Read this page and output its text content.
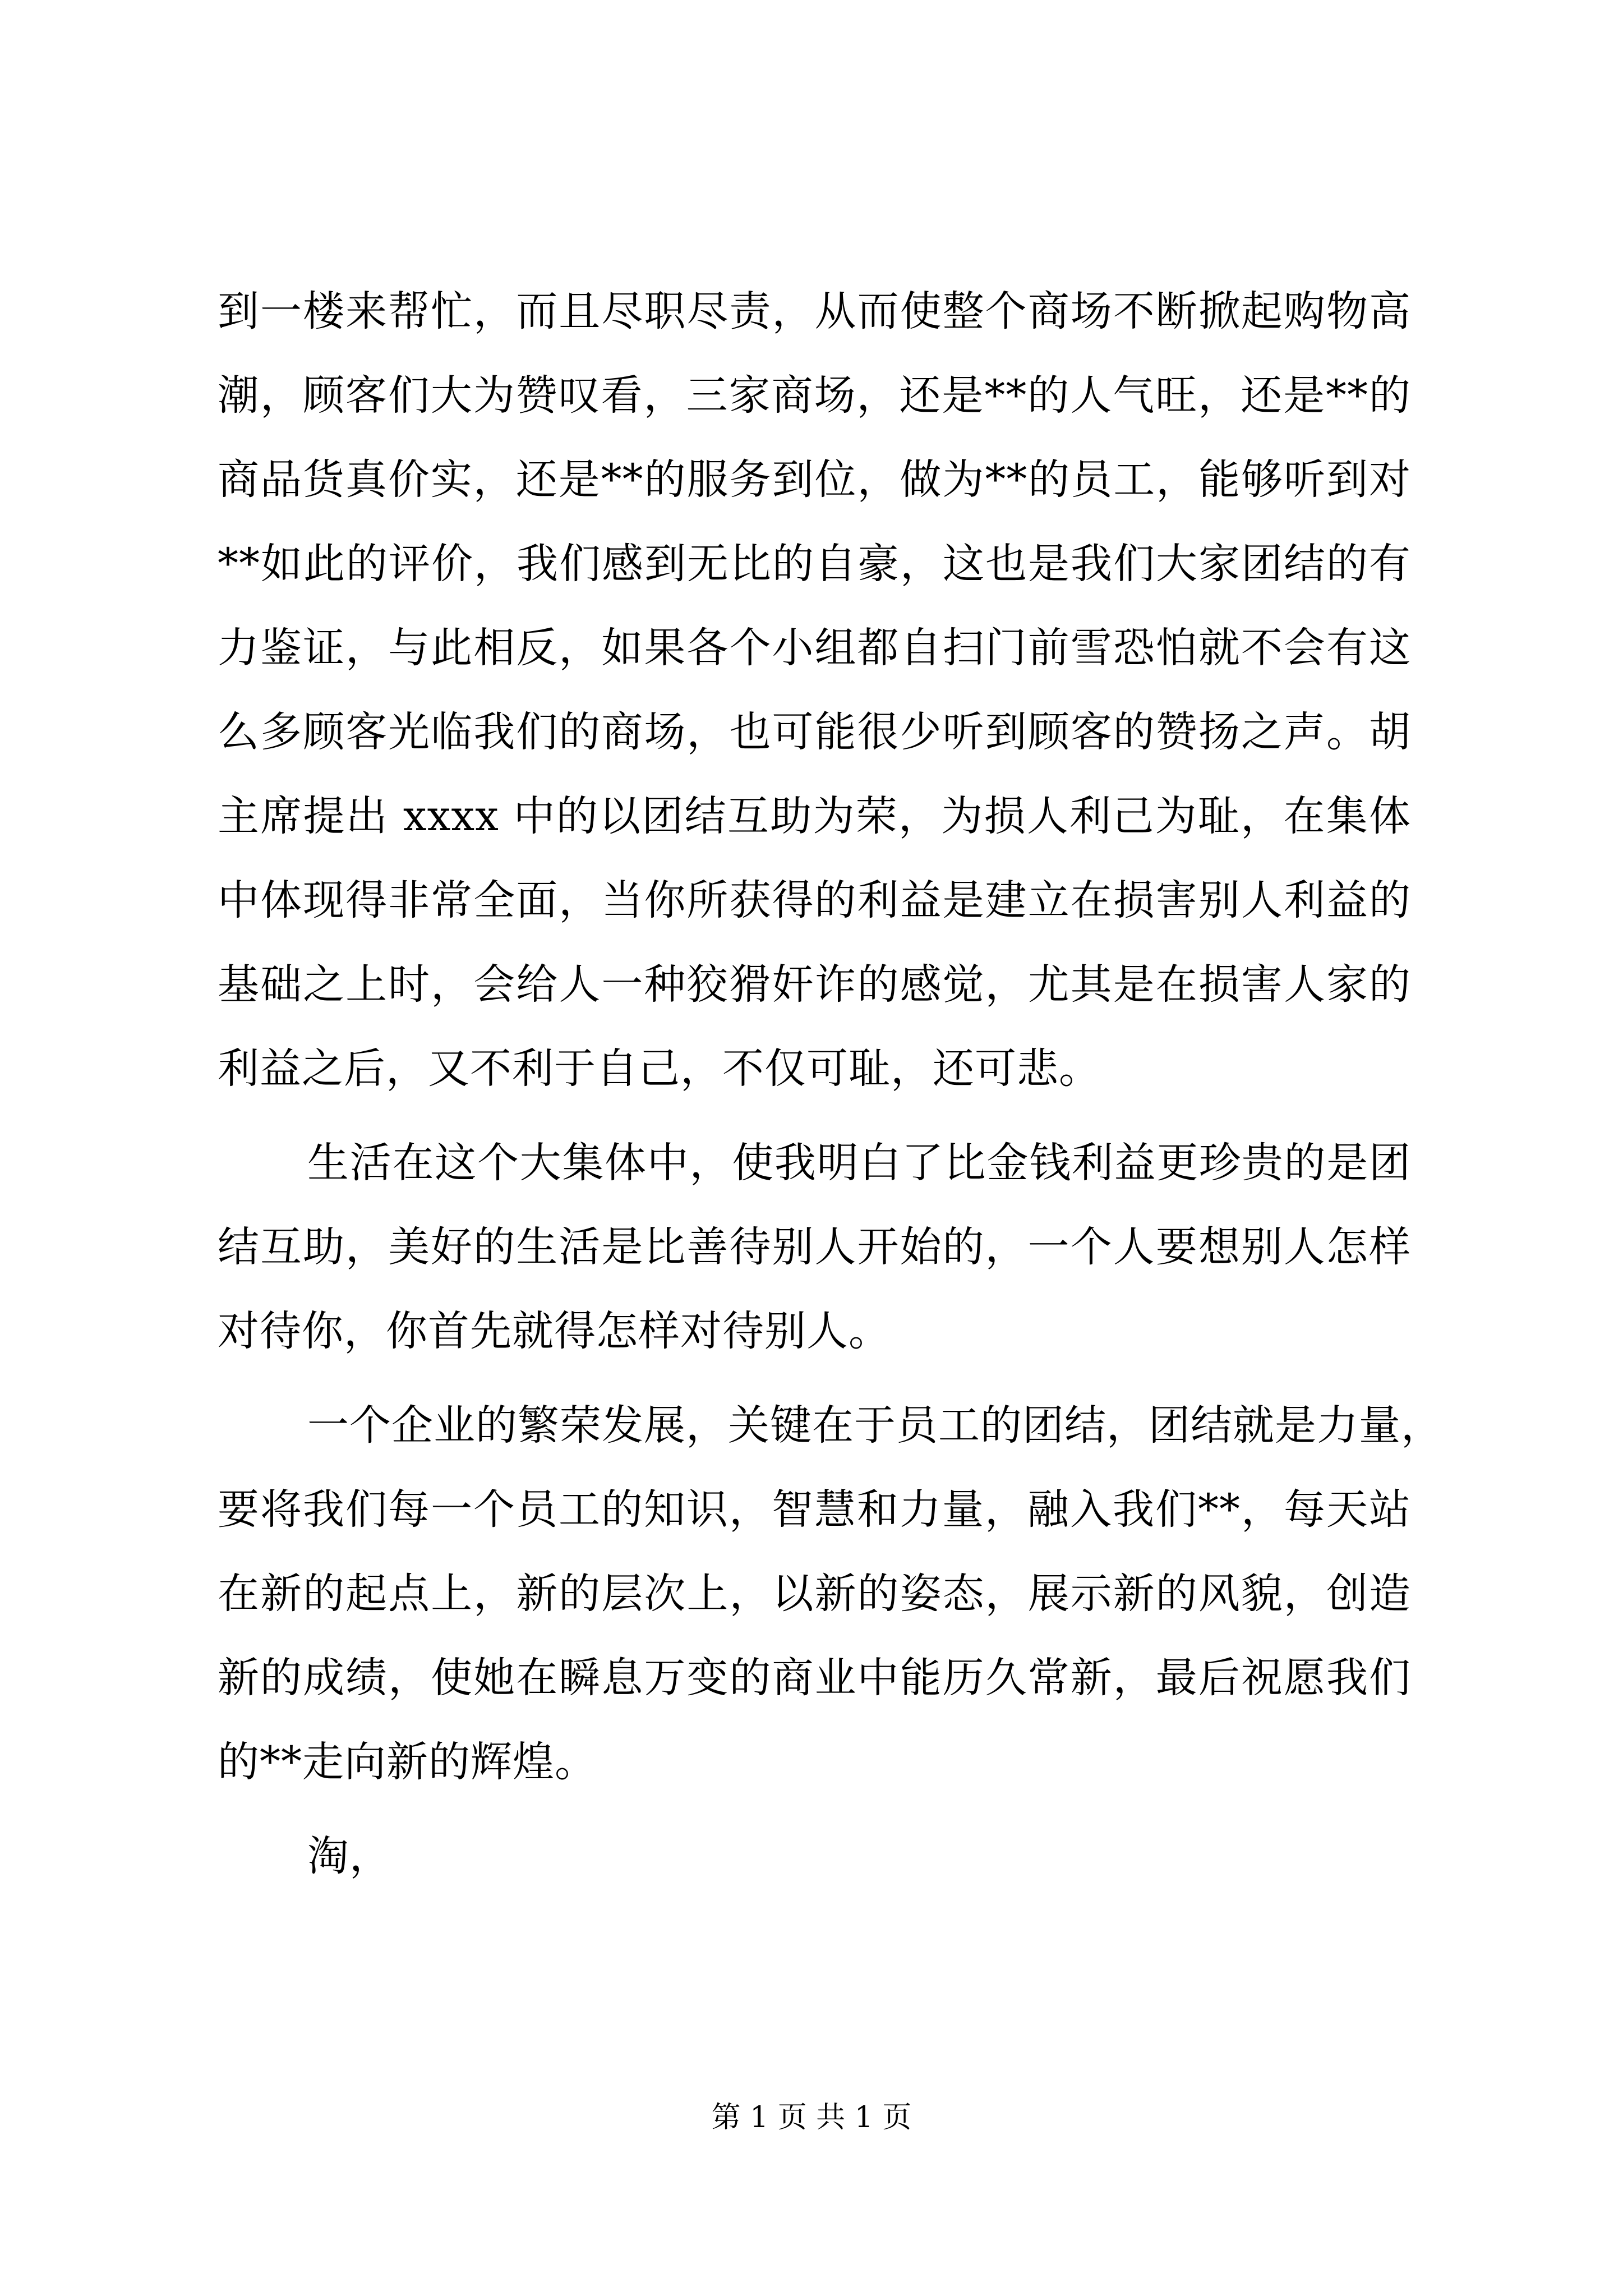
到一楼来帮忙，而且尽职尽责，从而使整个商场不断掀起购物高
潮，顾客们大为赞叹看，三家商场，还是**的人气旺，还是**的
商品货真价实，还是**的服务到位，做为**的员工，能够听到对
**如此的评价，我们感到无比的自豪，这也是我们大家团结的有
力鉴证，与此相反，如果各个小组都自扫门前雪恐怕就不会有这
么多顾客光临我们的商场，也可能很少听到顾客的赞扬之声。胡
主席提出 xxxx 中的以团结互助为荣，为损人利己为耻，在集体
中体现得非常全面，当你所获得的利益是建立在损害别人利益的
基础之上时，会给人一种狡猾奸诈的感觉，尤其是在损害人家的
利益之后，又不利于自己，不仅可耻，还可悲。
生活在这个大集体中，使我明白了比金钱利益更珍贵的是团
结互助，美好的生活是比善待别人开始的，一个人要想别人怎样
对待你，你首先就得怎样对待别人。
一个企业的繁荣发展，关键在于员工的团结，团结就是力量，
要将我们每一个员工的知识，智慧和力量，融入我们**，每天站
在新的起点上，新的层次上，以新的姿态，展示新的风貌，创造
新的成绩，使她在瞬息万变的商业中能历久常新，最后祝愿我们
的**走向新的辉煌。
淘，
第 1 页 共 1 页
